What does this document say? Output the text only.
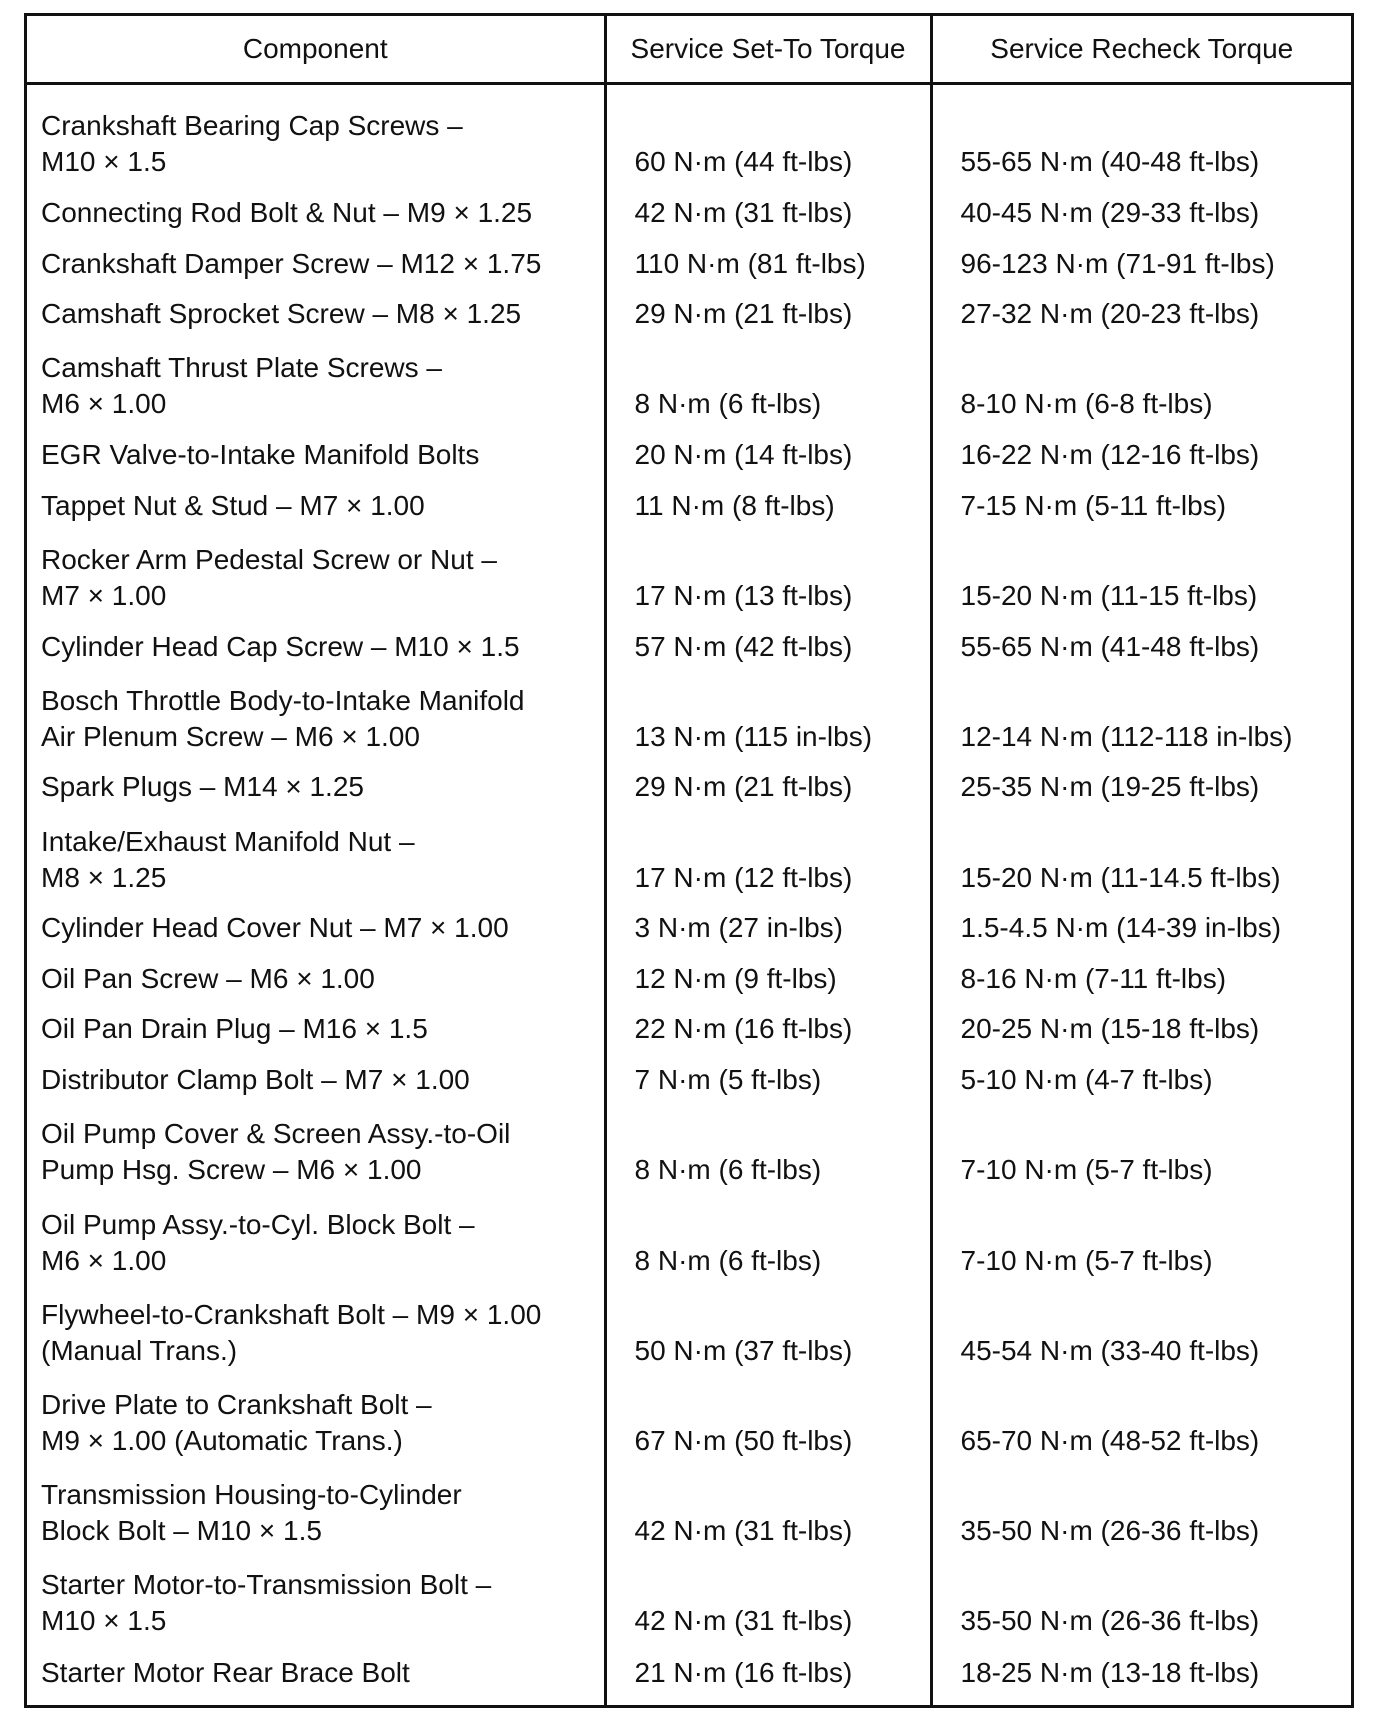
Component	Service Set-To Torque	Service Recheck Torque
Crankshaft Bearing Cap Screws –
M10 × 1.5	60 N·m (44 ft-lbs)	55-65 N·m (40-48 ft-lbs)
Connecting Rod Bolt & Nut – M9 × 1.25	42 N·m (31 ft-lbs)	40-45 N·m (29-33 ft-lbs)
Crankshaft Damper Screw – M12 × 1.75	110 N·m (81 ft-lbs)	96-123 N·m (71-91 ft-lbs)
Camshaft Sprocket Screw – M8 × 1.25	29 N·m (21 ft-lbs)	27-32 N·m (20-23 ft-lbs)
Camshaft Thrust Plate Screws –
M6 × 1.00	8 N·m (6 ft-lbs)	8-10 N·m (6-8 ft-lbs)
EGR Valve-to-Intake Manifold Bolts	20 N·m (14 ft-lbs)	16-22 N·m (12-16 ft-lbs)
Tappet Nut & Stud – M7 × 1.00	11 N·m (8 ft-lbs)	7-15 N·m (5-11 ft-lbs)
Rocker Arm Pedestal Screw or Nut –
M7 × 1.00	17 N·m (13 ft-lbs)	15-20 N·m (11-15 ft-lbs)
Cylinder Head Cap Screw – M10 × 1.5	57 N·m (42 ft-lbs)	55-65 N·m (41-48 ft-lbs)
Bosch Throttle Body-to-Intake Manifold
Air Plenum Screw – M6 × 1.00	13 N·m (115 in-lbs)	12-14 N·m (112-118 in-lbs)
Spark Plugs – M14 × 1.25	29 N·m (21 ft-lbs)	25-35 N·m (19-25 ft-lbs)
Intake/Exhaust Manifold Nut –
M8 × 1.25	17 N·m (12 ft-lbs)	15-20 N·m (11-14.5 ft-lbs)
Cylinder Head Cover Nut – M7 × 1.00	3 N·m (27 in-lbs)	1.5-4.5 N·m (14-39 in-lbs)
Oil Pan Screw – M6 × 1.00	12 N·m (9 ft-lbs)	8-16 N·m (7-11 ft-lbs)
Oil Pan Drain Plug – M16 × 1.5	22 N·m (16 ft-lbs)	20-25 N·m (15-18 ft-lbs)
Distributor Clamp Bolt – M7 × 1.00	7 N·m (5 ft-lbs)	5-10 N·m (4-7 ft-lbs)
Oil Pump Cover & Screen Assy.-to-Oil
Pump Hsg. Screw – M6 × 1.00	8 N·m (6 ft-lbs)	7-10 N·m (5-7 ft-lbs)
Oil Pump Assy.-to-Cyl. Block Bolt –
M6 × 1.00	8 N·m (6 ft-lbs)	7-10 N·m (5-7 ft-lbs)
Flywheel-to-Crankshaft Bolt – M9 × 1.00
(Manual Trans.)	50 N·m (37 ft-lbs)	45-54 N·m (33-40 ft-lbs)
Drive Plate to Crankshaft Bolt –
M9 × 1.00 (Automatic Trans.)	67 N·m (50 ft-lbs)	65-70 N·m (48-52 ft-lbs)
Transmission Housing-to-Cylinder
Block Bolt – M10 × 1.5	42 N·m (31 ft-lbs)	35-50 N·m (26-36 ft-lbs)
Starter Motor-to-Transmission Bolt –
M10 × 1.5	42 N·m (31 ft-lbs)	35-50 N·m (26-36 ft-lbs)
Starter Motor Rear Brace Bolt	21 N·m (16 ft-lbs)	18-25 N·m (13-18 ft-lbs)
